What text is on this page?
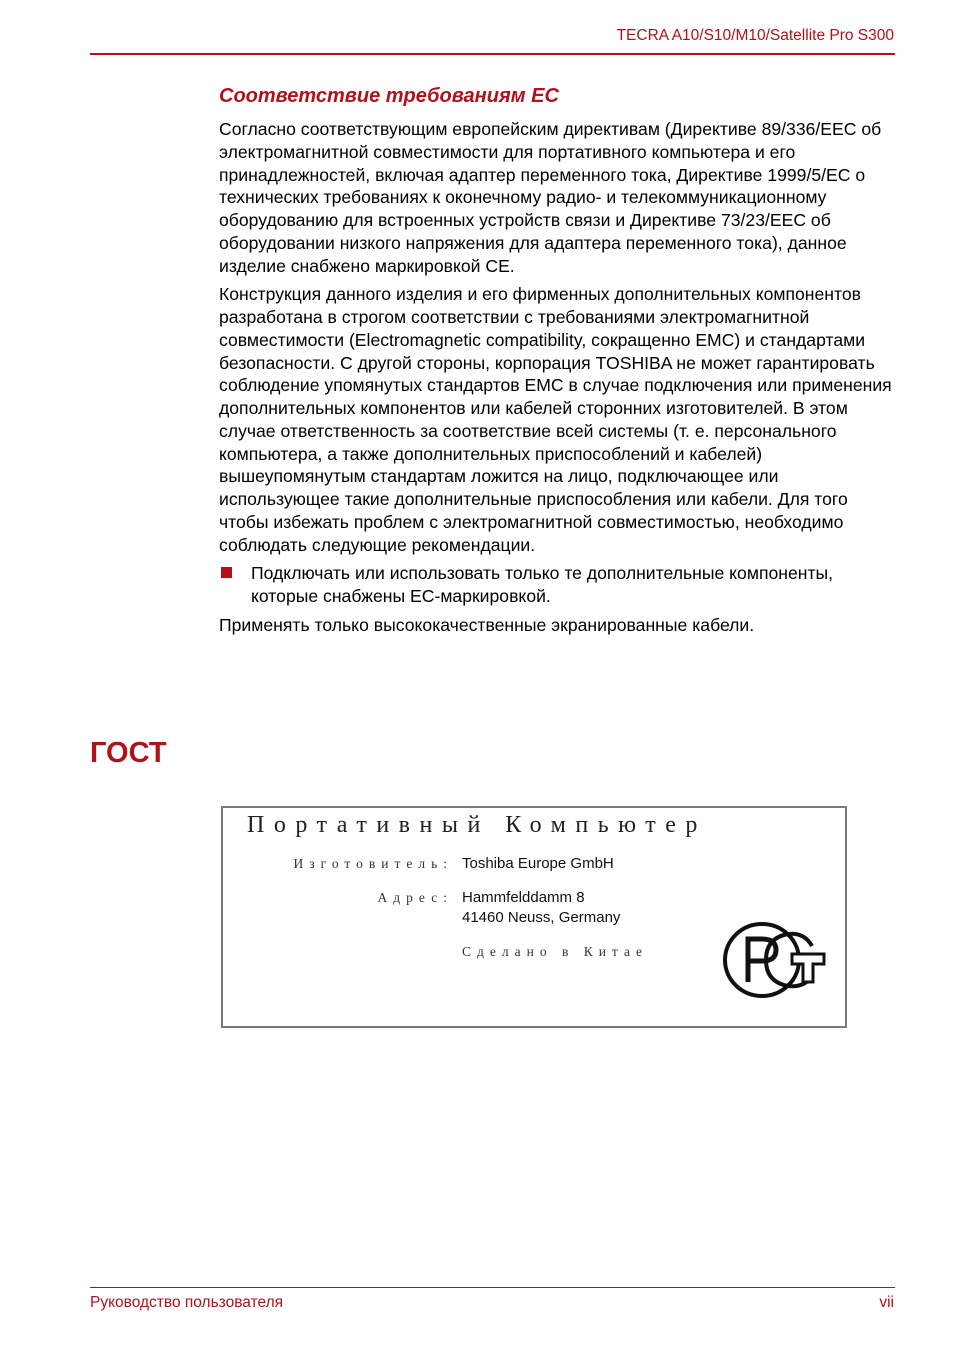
TECRA A10/S10/M10/Satellite Pro S300
Соответствие требованиям ЕС

Согласно соответствующим европейским директивам (Директиве 89/336/EEC об электромагнитной совместимости для портативного компьютера и его принадлежностей, включая адаптер переменного тока, Директиве 1999/5/ЕС о технических требованиях к оконечному радио- и телекоммуникационному оборудованию для встроенных устройств связи и Директиве 73/23/EEC об оборудовании низкого напряжения для адаптера переменного тока), данное изделие снабжено маркировкой CE.

Конструкция данного изделия и его фирменных дополнительных компонентов разработана в строгом соответствии с требованиями электромагнитной совместимости (Electromagnetic compatibility, сокращенно EMC) и стандартами безопасности. С другой стороны, корпорация TOSHIBA не может гарантировать соблюдение упомянутых стандартов EMC в случае подключения или применения дополнительных компонентов или кабелей сторонних изготовителей. В этом случае ответственность за соответствие всей системы (т. е. персонального компьютера, а также дополнительных приспособлений и кабелей) вышеупомянутым стандартам ложится на лицо, подключающее или использующее такие дополнительные приспособления или кабели. Для того чтобы избежать проблем с электромагнитной совместимостью, необходимо соблюдать следующие рекомендации.

Подключать или использовать только те дополнительные компоненты, которые снабжены ЕС-маркировкой.

Применять только высококачественные экранированные кабели.

ГОСТ
Портативный Компьютер
Изготовитель: Toshiba Europe GmbH
Адрес: Hammfelddamm 8
41460 Neuss, Germany
Сделано в Китае
Руководство пользователя	vii
